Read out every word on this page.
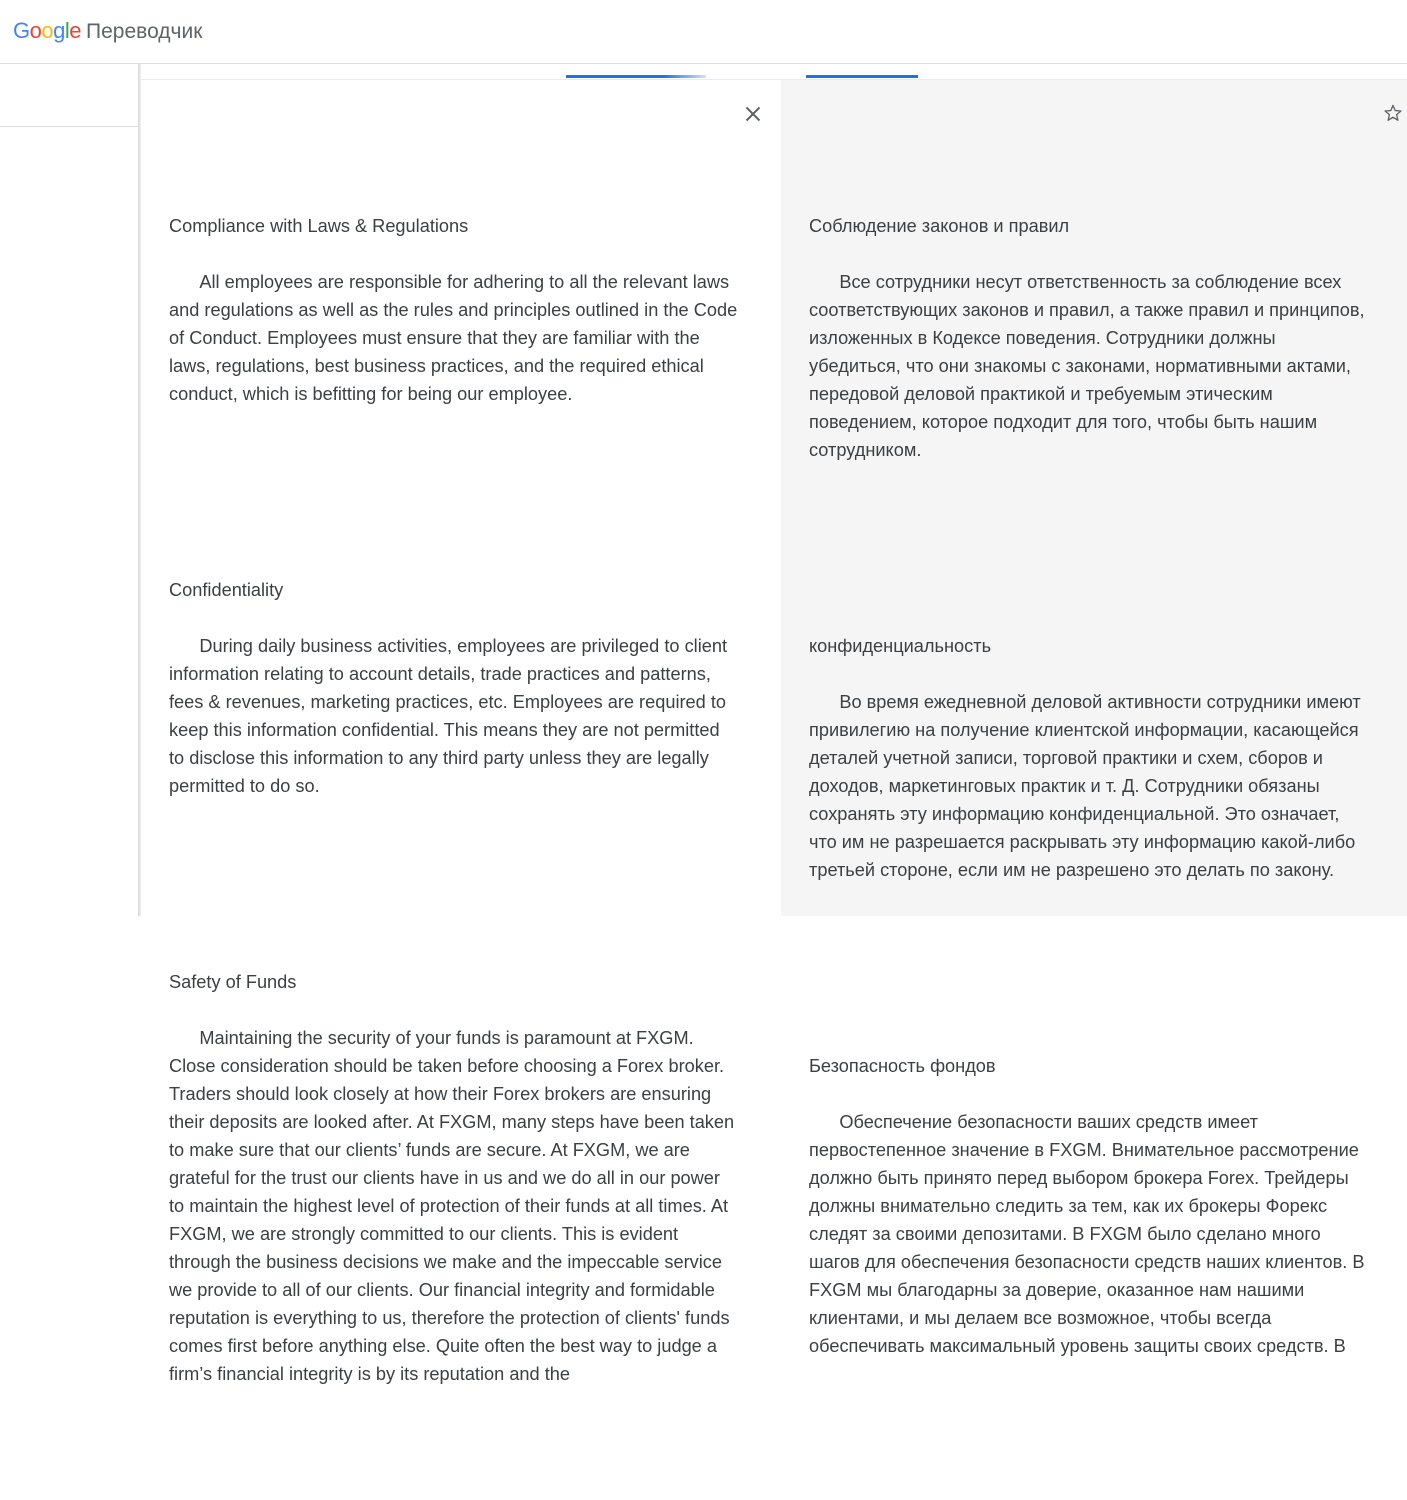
Google Переводчик

Compliance with Laws & Regulations

All employees are responsible for adhering to all the relevant laws and regulations as well as the rules and principles outlined in the Code of Conduct. Employees must ensure that they are familiar with the laws, regulations, best business practices, and the required ethical conduct, which is befitting for being our employee.

Confidentiality

During daily business activities, employees are privileged to client information relating to account details, trade practices and patterns, fees & revenues, marketing practices, etc. Employees are required to keep this information confidential. This means they are not permitted to disclose this information to any third party unless they are legally permitted to do so.

Safety of Funds

Maintaining the security of your funds is paramount at FXGM. Close consideration should be taken before choosing a Forex broker. Traders should look closely at how their Forex brokers are ensuring their deposits are looked after. At FXGM, many steps have been taken to make sure that our clients’ funds are secure. At FXGM, we are grateful for the trust our clients have in us and we do all in our power to maintain the highest level of protection of their funds at all times. At FXGM, we are strongly committed to our clients. This is evident through the business decisions we make and the impeccable service we provide to all of our clients. Our financial integrity and formidable reputation is everything to us, therefore the protection of clients' funds comes first before anything else. Quite often the best way to judge a firm’s financial integrity is by its reputation and the

Соблюдение законов и правил

Все сотрудники несут ответственность за соблюдение всех соответствующих законов и правил, а также правил и принципов, изложенных в Кодексе поведения. Сотрудники должны убедиться, что они знакомы с законами, нормативными актами, передовой деловой практикой и требуемым этическим поведением, которое подходит для того, чтобы быть нашим сотрудником.

конфиденциальность

Во время ежедневной деловой активности сотрудники имеют привилегию на получение клиентской информации, касающейся деталей учетной записи, торговой практики и схем, сборов и доходов, маркетинговых практик и т. Д. Сотрудники обязаны сохранять эту информацию конфиденциальной. Это означает, что им не разрешается раскрывать эту информацию какой-либо третьей стороне, если им не разрешено это делать по закону.

Безопасность фондов

Обеспечение безопасности ваших средств имеет первостепенное значение в FXGM. Внимательное рассмотрение должно быть принято перед выбором брокера Forex. Трейдеры должны внимательно следить за тем, как их брокеры Форекс следят за своими депозитами. В FXGM было сделано много шагов для обеспечения безопасности средств наших клиентов. В FXGM мы благодарны за доверие, оказанное нам нашими клиентами, и мы делаем все возможное, чтобы всегда обеспечивать максимальный уровень защиты своих средств. В
